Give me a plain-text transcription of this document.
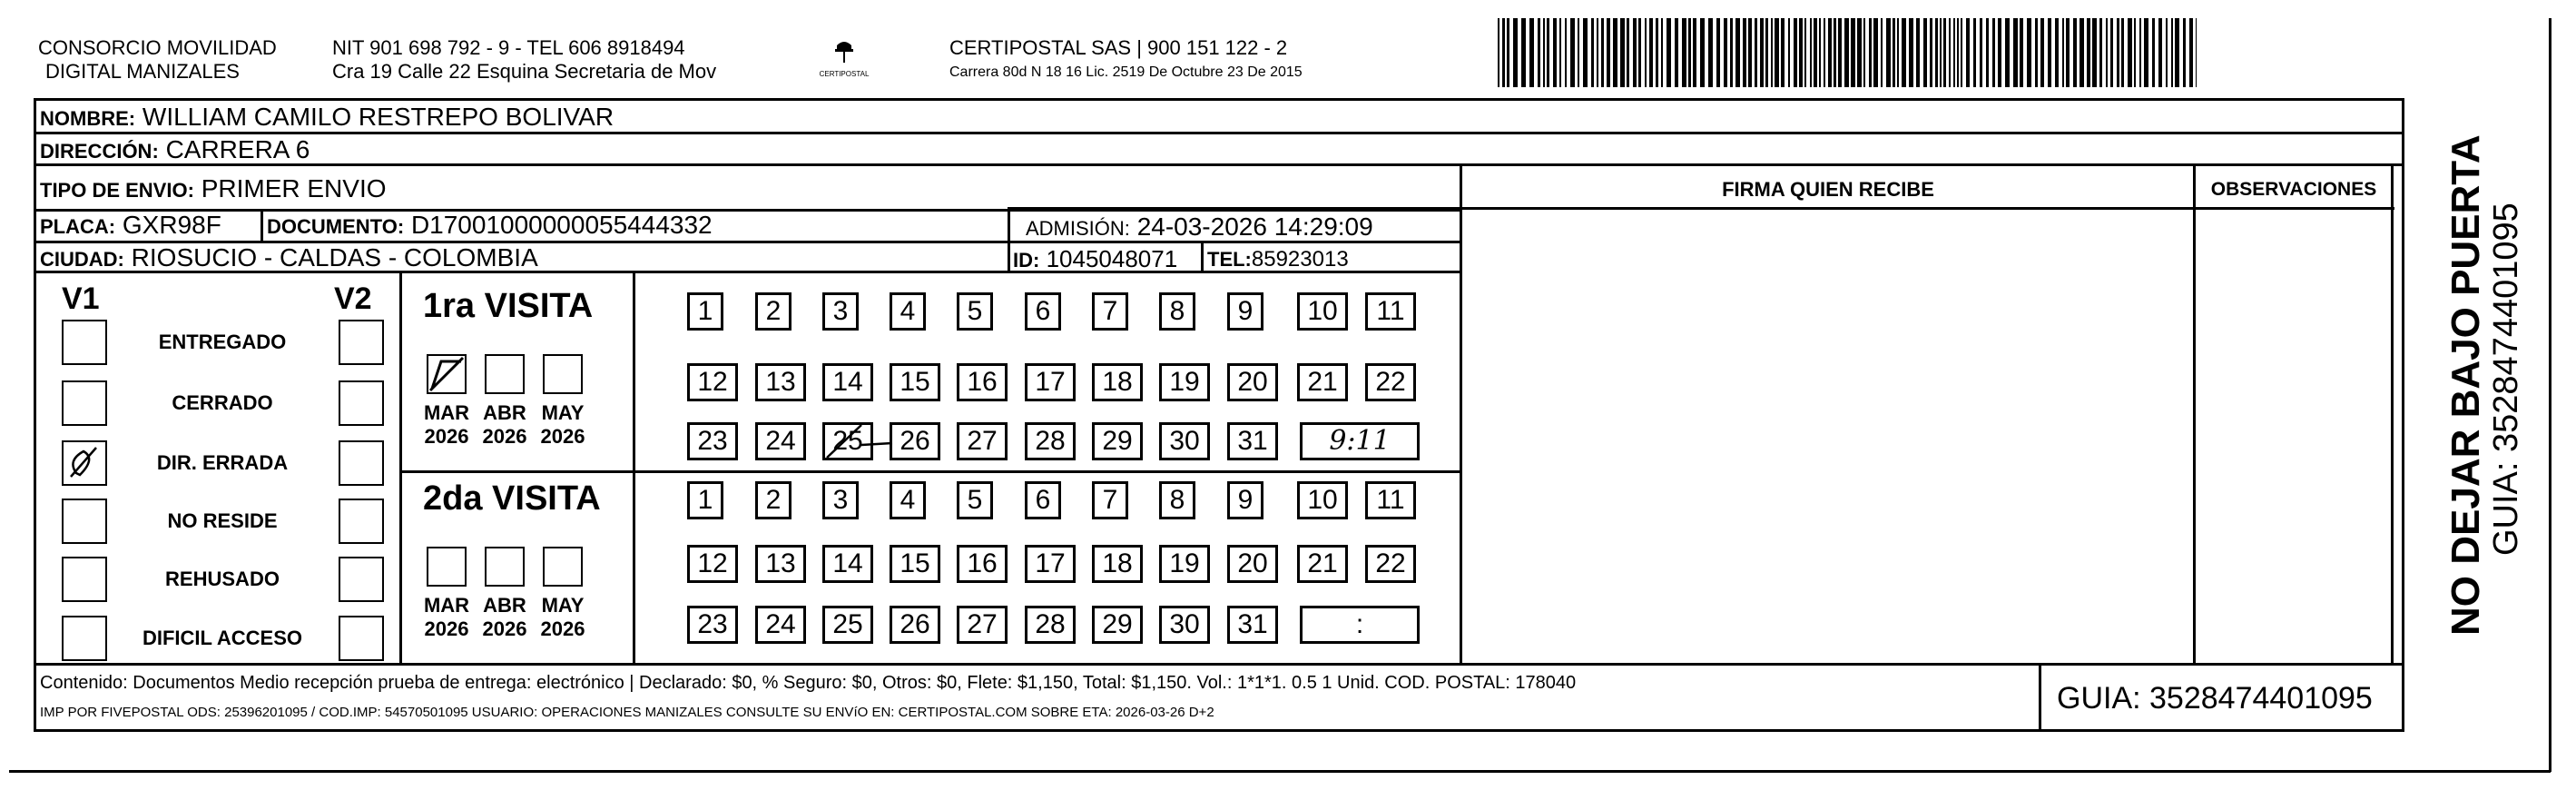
CONSORCIO MOVILIDAD
DIGITAL MANIZALES
NIT 901 698 792 - 9 - TEL 606 8918494
Cra 19 Calle 22 Esquina Secretaria de Mov	CERTIPOSTAL
CERTIPOSTAL SAS | 900 151 122 - 2
Carrera 80d N 18 16 Lic. 2519 De Octubre 23 De 2015
NOMBRE: WILLIAM CAMILO RESTREPO BOLIVAR
DIRECCIÓN: CARRERA 6
TIPO DE ENVIO: PRIMER ENVIO
PLACA: GXR98F DOCUMENTO: D17001000000055444332	ADMISIÓN: 24-03-2026 14:29:09
CIUDAD: RIOSUCIO - CALDAS - COLOMBIA	ID: 1045048071 TEL:85923013
FIRMA QUIEN RECIBE	OBSERVACIONES
V1	V2
ENTREGADO
CERRADO
DIR. ERRADA
NO RESIDE
REHUSADO
DIFICIL ACCESO
1ra VISITA
2da VISITA
MAR
2026
ABR
2026
MAY
2026
MAR
2026
ABR
2026
MAY
2026
1	2	3	4	5	6	7	8	9	10	11
12	13	14	15	16	17	18	19	20	21	22
23	24	25	26	27	28	29	30	31	9:11
1	2	3	4	5	6	7	8	9	10	11
12	13	14	15	16	17	18	19	20	21	22
23	24	25	26	27	28	29	30	31	:	NO DEJAR BAJO PUERTA GUIA: 3528474401095
Contenido: Documentos Medio recepción prueba de entrega: electrónico | Declarado: $0, % Seguro: $0, Otros: $0, Flete: $1,150, Total: $1,150. Vol.: 1*1*1. 0.5 1 Unid. COD. POSTAL: 178040
IMP POR FIVEPOSTAL ODS: 25396201095 / COD.IMP: 54570501095 USUARIO: OPERACIONES MANIZALES CONSULTE SU ENVíO EN: CERTIPOSTAL.COM SOBRE ETA: 2026-03-26 D+2	GUIA: 3528474401095
